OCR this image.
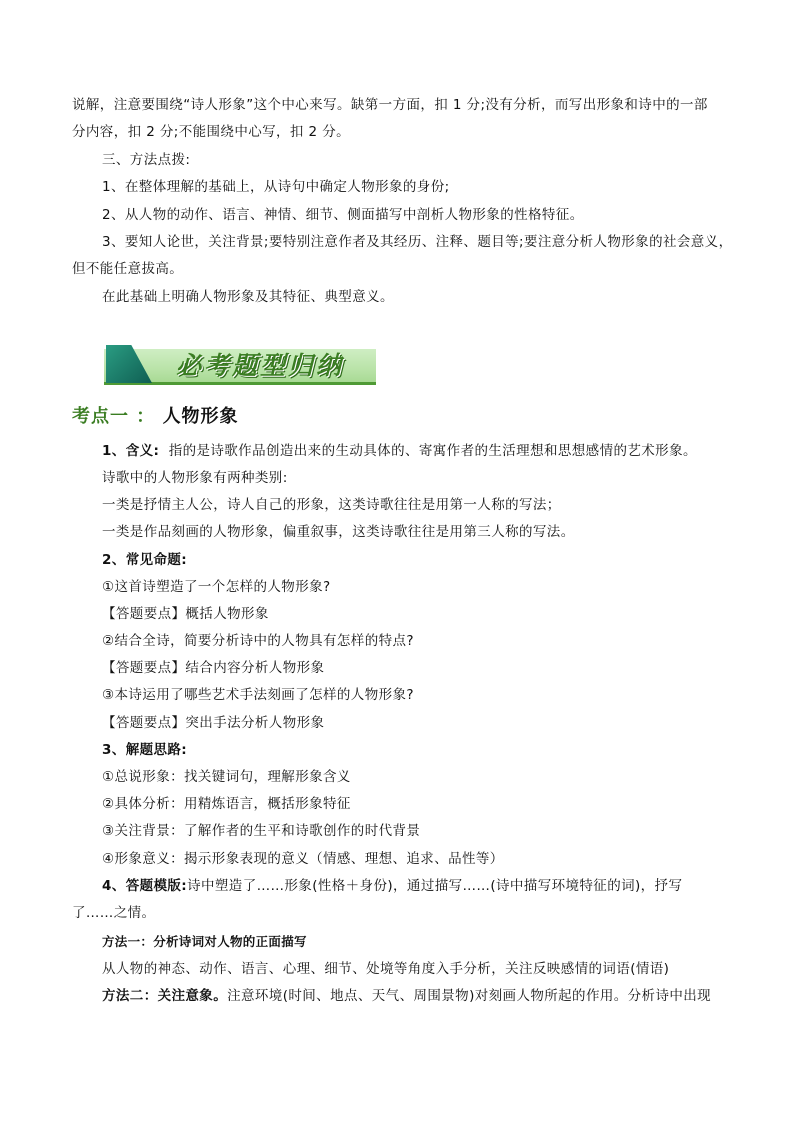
说解，注意要围绕“诗人形象”这个中心来写。缺第一方面，扣 1 分;没有分析，而写出形象和诗中的一部
分内容，扣 2 分;不能围绕中心写，扣 2 分。
三、方法点拨:
1、在整体理解的基础上，从诗句中确定人物形象的身份;
2、从人物的动作、语言、神情、细节、侧面描写中剖析人物形象的性格特征。
3、要知人论世，关注背景;要特别注意作者及其经历、注释、题目等;要注意分析人物形象的社会意义，
但不能任意拔高。
在此基础上明确人物形象及其特征、典型意义。
必考题型归纳
考点一 ： 人物形象
1、含义: 指的是诗歌作品创造出来的生动具体的、寄寓作者的生活理想和思想感情的艺术形象。
诗歌中的人物形象有两种类别:
一类是抒情主人公，诗人自己的形象，这类诗歌往往是用第一人称的写法；
一类是作品刻画的人物形象，偏重叙事，这类诗歌往往是用第三人称的写法。
2、常见命题:
①这首诗塑造了一个怎样的人物形象?
【答题要点】概括人物形象
②结合全诗，简要分析诗中的人物具有怎样的特点?
【答题要点】结合内容分析人物形象
③本诗运用了哪些艺术手法刻画了怎样的人物形象?
【答题要点】突出手法分析人物形象
3、解题思路:
①总说形象：找关键词句，理解形象含义
②具体分析：用精炼语言，概括形象特征
③关注背景：了解作者的生平和诗歌创作的时代背景
④形象意义：揭示形象表现的意义（情感、理想、追求、品性等）
4、答题模版:诗中塑造了……形象(性格＋身份)，通过描写……(诗中描写环境特征的词)，抒写
了……之情。
方法一：分析诗词对人物的正面描写
从人物的神态、动作、语言、心理、细节、处境等角度入手分析，关注反映感情的词语(情语)
方法二：关注意象。注意环境(时间、地点、天气、周围景物)对刻画人物所起的作用。分析诗中出现
